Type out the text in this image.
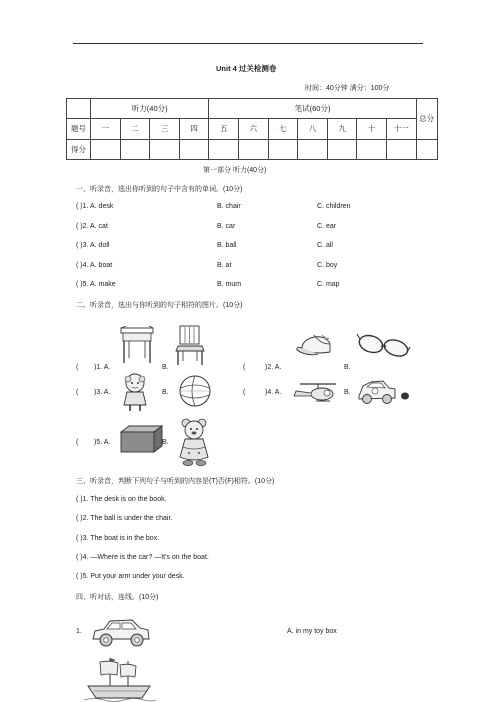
Unit 4 过关检测卷
时间：40分钟 满分：100分
	听力(40分)				笔试(60分)							总分
题号	一	二	三	四	五	六	七	八	九	十	十一	
得分												
第一部分 听力(40分)
一、听录音，选出你听到的句子中含有的单词。(10分)
( )1. A. desk	B. chair	C. children
( )2. A. cat	B. car	C. ear
( )3. A. doll	B. ball	C. all
( )4. A. boat	B. at	C. boy
( )5. A. make	B. mum	C. map
二、听录音，选出与你听到的句子相符的图片。(10分)
( )1. A.	B.	(	)2. A.	B.
( )3. A.	B.	(	)4. A.	B.
( )5. A.	B.
三、听录音，判断下列句子与听到的内容是(T)否(F)相符。(10分)
( )1. The desk is on the book.
( )2. The ball is under the chair.
( )3. The boat is in the box.
( )4. —Where is the car? —It's on the boat.
( )5. Put your arm under your desk.
四、听对话，连线。(10分)
1.	A. in my toy box
